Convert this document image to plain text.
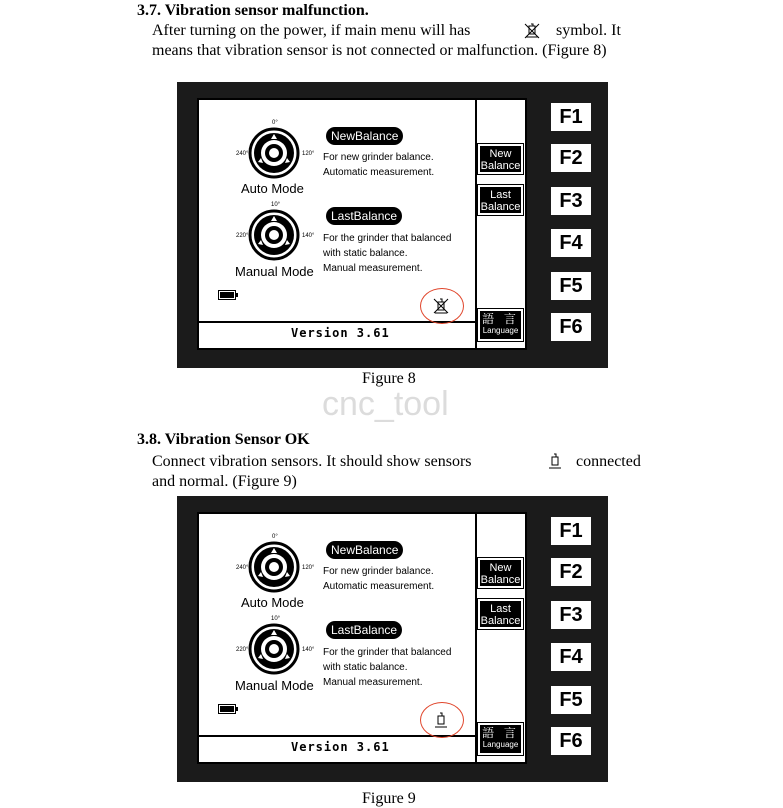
3.7. Vibration sensor malfunction.
After turning on the power, if main menu will has	symbol. It
means that vibration sensor is not connected or malfunction. (Figure 8)
0°
240°	120°
Auto Mode
NewBalance
For new grinder balance.
Automatic measurement.
10°
220°	140°
Manual Mode
LastBalance
For the grinder that balanced
with static balance.
Manual measurement.
Version 3.61
New
Balance
Last
Balance
語 言
Language
F1
F2
F3
F4
F5
F6
Figure 8
cnc_tool
3.8. Vibration Sensor OK
Connect vibration sensors. It should show sensors	connected
and normal. (Figure 9)
0°
240°	120°
Auto Mode
NewBalance
For new grinder balance.
Automatic measurement.
10°
220°	140°
Manual Mode
LastBalance
For the grinder that balanced
with static balance.
Manual measurement.
Version 3.61
New
Balance
Last
Balance
語 言
Language
F1
F2
F3
F4
F5
F6
Figure 9
